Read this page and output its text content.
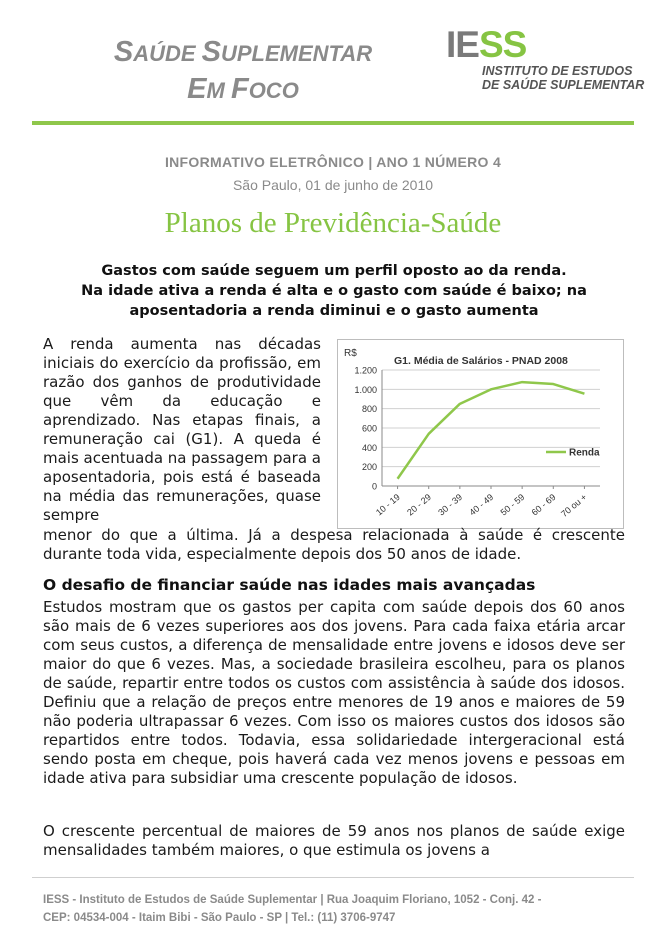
SAÚDE SUPLEMENTAR
EM FOCO
IESS
INSTITUTO DE ESTUDOS
DE SAÚDE SUPLEMENTAR
INFORMATIVO ELETRÔNICO | ANO 1 NÚMERO 4
São Paulo, 01 de junho de 2010
Planos de Previdência-Saúde
Gastos com saúde seguem um perfil oposto ao da renda.
Na idade ativa a renda é alta e o gasto com saúde é baixo; na
aposentadoria a renda diminui e o gasto aumenta
A renda aumenta nas décadas iniciais do exercício da profissão, em razão dos ganhos de produtividade que vêm da educação e aprendizado. Nas etapas finais, a remuneração cai (G1). A queda é mais acentuada na passagem para a aposentadoria, pois está é baseada na média das remunerações, quase sempre
G1. Média de Salários - PNAD 2008
R$
0
200
400
600
800
1.000
1.200
10 - 19 20 - 29 30 - 39 40 - 49 50 - 59 60 - 69 70 ou +
Renda
menor do que a última. Já a despesa relacionada à saúde é crescente durante toda vida, especialmente depois dos 50 anos de idade.
O desafio de financiar saúde nas idades mais avançadas
Estudos mostram que os gastos per capita com saúde depois dos 60 anos são mais de 6 vezes superiores aos dos jovens. Para cada faixa etária arcar com seus custos, a diferença de mensalidade entre jovens e idosos deve ser maior do que 6 vezes. Mas, a sociedade brasileira escolheu, para os planos de saúde, repartir entre todos os custos com assistência à saúde dos idosos. Definiu que a relação de preços entre menores de 19 anos e maiores de 59 não poderia ultrapassar 6 vezes. Com isso os maiores custos dos idosos são repartidos entre todos. Todavia, essa solidariedade intergeracional está sendo posta em cheque, pois haverá cada vez menos jovens e pessoas em idade ativa para subsidiar uma crescente população de idosos.
O crescente percentual de maiores de 59 anos nos planos de saúde exige mensalidades também maiores, o que estimula os jovens a
IESS - Instituto de Estudos de Saúde Suplementar | Rua Joaquim Floriano, 1052 - Conj. 42 -
CEP: 04534-004 - Itaim Bibi - São Paulo - SP | Tel.: (11) 3706-9747
